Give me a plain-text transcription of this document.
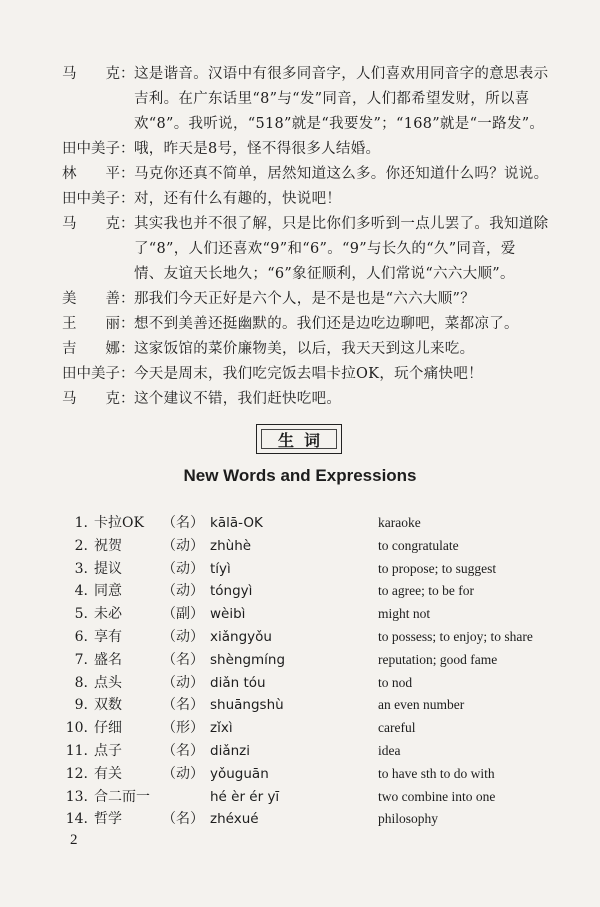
马　　克： 这是谐音。汉语中有很多同音字，人们喜欢用同音字的意思表示
吉利。在广东话里“8”与“发”同音，人们都希望发财，所以喜
欢“8”。我听说，“518”就是“我要发”；“168”就是“一路发”。
田中美子： 哦，昨天是8号，怪不得很多人结婚。
林　　平： 马克你还真不简单，居然知道这么多。你还知道什么吗？说说。
田中美子： 对，还有什么有趣的，快说吧！
马　　克： 其实我也并不很了解，只是比你们多听到一点儿罢了。我知道除
了“8”，人们还喜欢“9”和“6”。“9”与长久的“久”同音，爱
情、友谊天长地久；“6”象征顺利，人们常说“六六大顺”。
美　　善： 那我们今天正好是六个人，是不是也是“六六大顺”？
王　　丽： 想不到美善还挺幽默的。我们还是边吃边聊吧，菜都凉了。
吉　　娜： 这家饭馆的菜价廉物美，以后，我天天到这儿来吃。
田中美子： 今天是周末，我们吃完饭去唱卡拉OK，玩个痛快吧！
马　　克： 这个建议不错，我们赶快吃吧。
生词
New Words and Expressions
1. 卡拉OK （名） kālā-OK	karaoke
2. 祝贺	（动） zhùhè	to congratulate
3. 提议	（动） tíyì	to propose; to suggest
4. 同意	（动） tóngyì	to agree; to be for
5. 未必	（副） wèibì	might not
6. 享有	（动） xiǎngyǒu	to possess; to enjoy; to share
7. 盛名	（名） shèngmíng	reputation; good fame
8. 点头	（动） diǎn tóu	to nod
9. 双数	（名） shuāngshù	an even number
10. 仔细	（形） zǐxì	careful
11. 点子	（名） diǎnzi	idea
12. 有关	（动） yǒuguān	to have sth to do with
13. 合二而一	hé èr ér yī	two combine into one
14. 哲学	（名） zhéxué	philosophy
2
